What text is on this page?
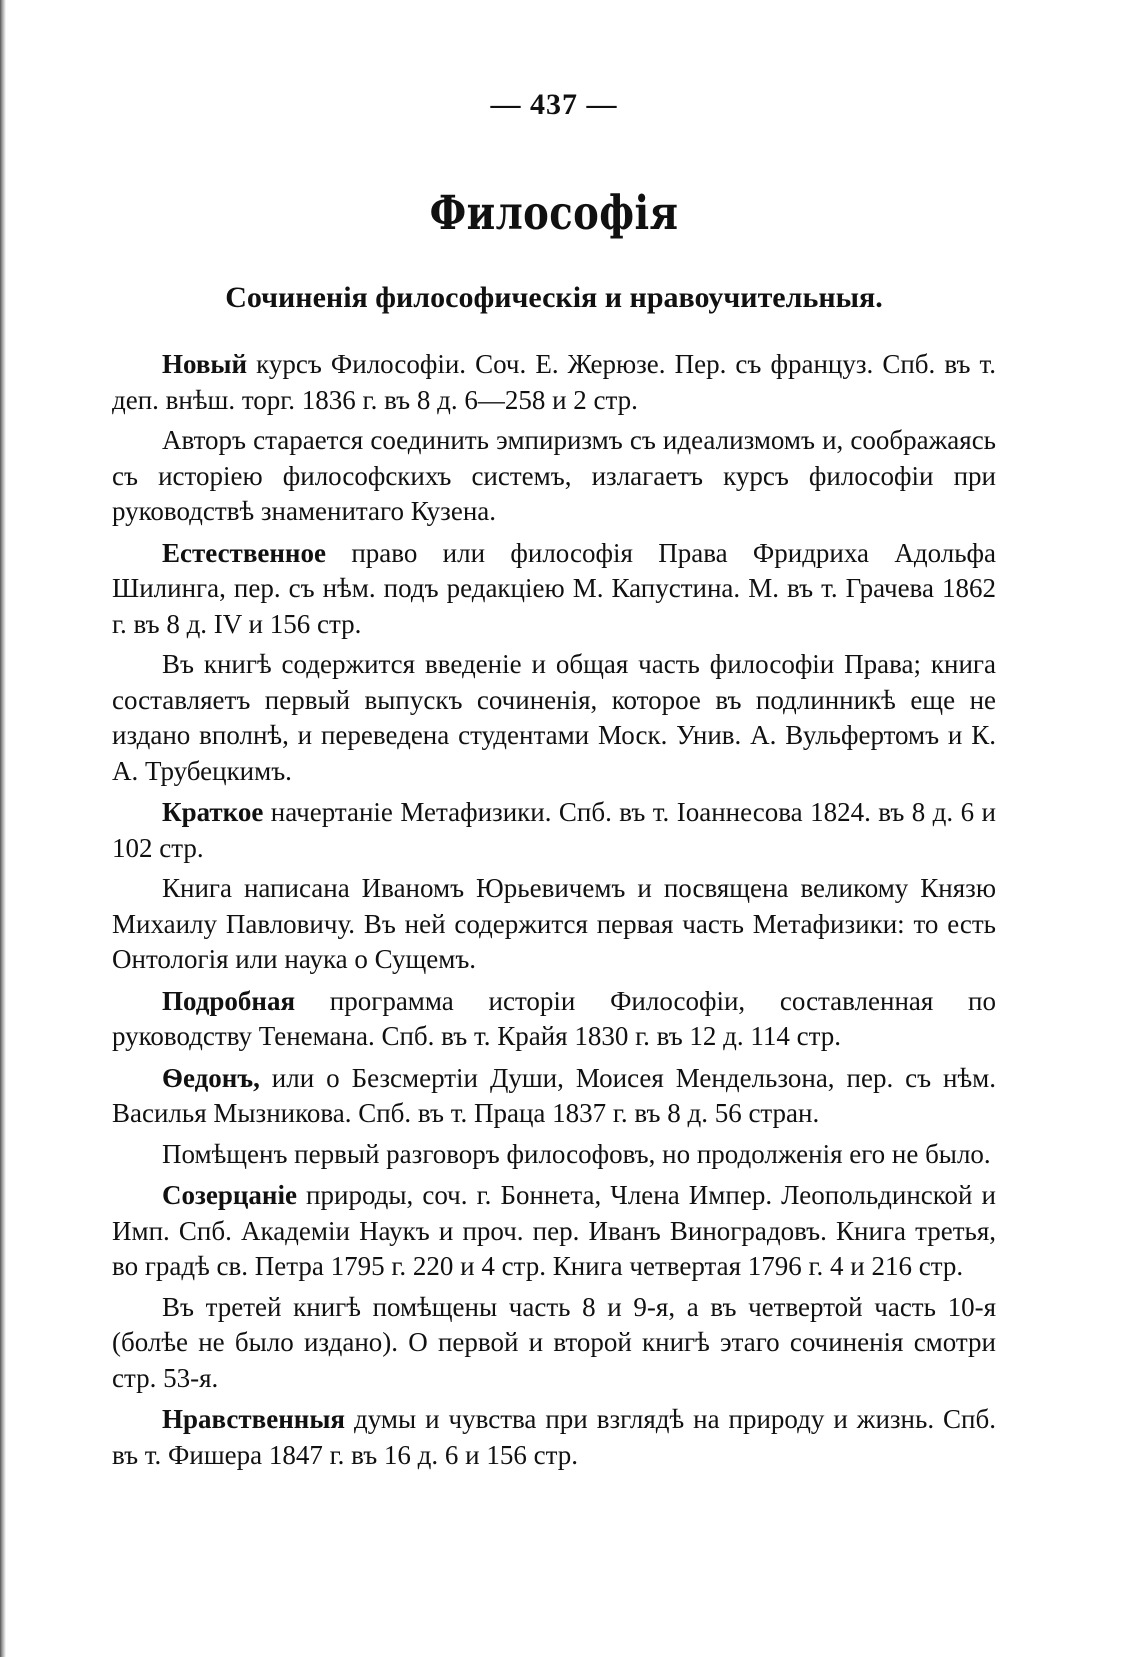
— 437 —
Философія
Сочиненія философическія и нравоучительныя.

Новый курсъ Философіи. Соч. Е. Жерюзе. Пер. съ француз. Спб. въ т. деп. внѣш. торг. 1836 г. въ 8 д. 6—258 и 2 стр.

Авторъ старается соединить эмпиризмъ съ идеализмомъ и, соображаясь съ исторіею философскихъ системъ, излагаетъ курсъ философіи при руководствѣ знаменитаго Кузена.

Естественное право или философія Права Фридриха Адольфа Шилинга, пер. съ нѣм. подъ редакціею М. Капустина. М. въ т. Грачева 1862 г. въ 8 д. IV и 156 стр.

Въ книгѣ содержится введеніе и общая часть философіи Права; книга составляетъ первый выпускъ сочиненія, которое въ подлинникѣ еще не издано вполнѣ, и переведена студентами Моск. Унив. А. Вульфертомъ и К. А. Трубецкимъ.

Краткое начертаніе Метафизики. Спб. въ т. Іоаннесова 1824. въ 8 д. 6 и 102 стр.

Книга написана Иваномъ Юрьевичемъ и посвящена великому Князю Михаилу Павловичу. Въ ней содержится первая часть Метафизики: то есть Онтологія или наука о Сущемъ.

Подробная программа исторіи Философіи, составленная по руководству Тенемана. Спб. въ т. Крайя 1830 г. въ 12 д. 114 стр.

Ѳедонъ, или о Безсмертіи Души, Моисея Мендельзона, пер. съ нѣм. Василья Мызникова. Спб. въ т. Праца 1837 г. въ 8 д. 56 стран.

Помѣщенъ первый разговоръ философовъ, но продолженія его не было.

Созерцаніе природы, соч. г. Боннета, Члена Импер. Леопольдинской и Имп. Спб. Академіи Наукъ и проч. пер. Иванъ Виноградовъ. Книга третья, во градѣ св. Петра 1795 г. 220 и 4 стр. Книга четвертая 1796 г. 4 и 216 стр.

Въ третей книгѣ помѣщены часть 8 и 9-я, а въ четвертой часть 10-я (болѣе не было издано). О первой и второй книгѣ этаго сочиненія смотри стр. 53-я.

Нравственныя думы и чувства при взглядѣ на природу и жизнь. Спб. въ т. Фишера 1847 г. въ 16 д. 6 и 156 стр.
